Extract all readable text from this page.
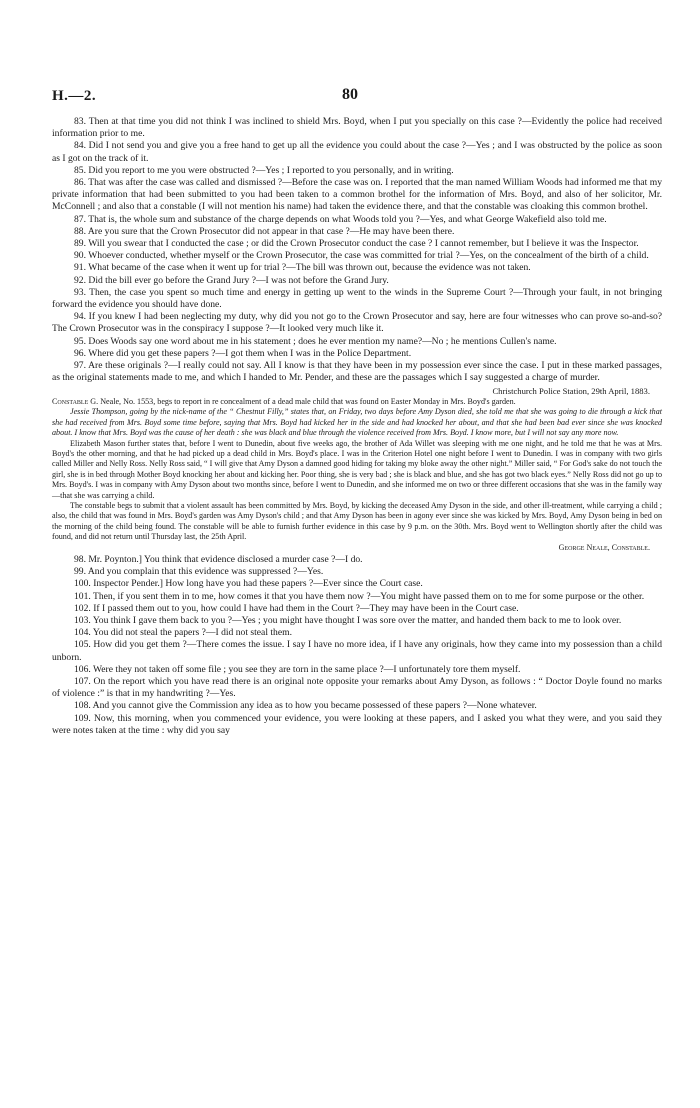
H.—2.	80

83. Then at that time you did not think I was inclined to shield Mrs. Boyd, when I put you specially on this case ?—Evidently the police had received information prior to me.

84. Did I not send you and give you a free hand to get up all the evidence you could about the case ?—Yes ; and I was obstructed by the police as soon as I got on the track of it.

85. Did you report to me you were obstructed ?—Yes ; I reported to you personally, and in writing.

86. That was after the case was called and dismissed ?—Before the case was on. I reported that the man named William Woods had informed me that my private information that had been submitted to you had been taken to a common brothel for the information of Mrs. Boyd, and also of her solicitor, Mr. McConnell ; and also that a constable (I will not mention his name) had taken the evidence there, and that the constable was cloaking this common brothel.

87. That is, the whole sum and substance of the charge depends on what Woods told you ?—Yes, and what George Wakefield also told me.

88. Are you sure that the Crown Prosecutor did not appear in that case ?—He may have been there.

89. Will you swear that I conducted the case ; or did the Crown Prosecutor conduct the case ? I cannot remember, but I believe it was the Inspector.

90. Whoever conducted, whether myself or the Crown Prosecutor, the case was committed for trial ?—Yes, on the concealment of the birth of a child.

91. What became of the case when it went up for trial ?—The bill was thrown out, because the evidence was not taken.

92. Did the bill ever go before the Grand Jury ?—I was not before the Grand Jury.

93. Then, the case you spent so much time and energy in getting up went to the winds in the Supreme Court ?—Through your fault, in not bringing forward the evidence you should have done.

94. If you knew I had been neglecting my duty, why did you not go to the Crown Prosecutor and say, here are four witnesses who can prove so-and-so? The Crown Prosecutor was in the conspiracy I suppose ?—It looked very much like it.

95. Does Woods say one word about me in his statement ; does he ever mention my name?—No ; he mentions Cullen's name.

96. Where did you get these papers ?—I got them when I was in the Police Department.

97. Are these originals ?—I really could not say. All I know is that they have been in my possession ever since the case. I put in these marked passages, as the original statements made to me, and which I handed to Mr. Pender, and these are the passages which I say suggested a charge of murder.

Christchurch Police Station, 29th April, 1883.

Constable G. Neale, No. 1553, begs to report in re concealment of a dead male child that was found on Easter Monday in Mrs. Boyd's garden.

Jessie Thompson, going by the nick-name of the “ Chestnut Filly,” states that, on Friday, two days before Amy Dyson died, she told me that she was going to die through a kick that she had received from Mrs. Boyd some time before, saying that Mrs. Boyd had kicked her in the side and had knocked her about, and that she had been bad ever since she was knocked about. I know that Mrs. Boyd was the cause of her death : she was black and blue through the violence received from Mrs. Boyd. I know more, but I will not say any more now.

Elizabeth Mason further states that, before I went to Dunedin, about five weeks ago, the brother of Ada Willet was sleeping with me one night, and he told me that he was at Mrs. Boyd's the other morning, and that he had picked up a dead child in Mrs. Boyd's place. I was in the Criterion Hotel one night before I went to Dunedin. I was in company with two girls called Miller and Nelly Ross. Nelly Ross said, “ I will give that Amy Dyson a damned good hiding for taking my bloke away the other night.” Miller said, “ For God's sake do not touch the girl, she is in bed through Mother Boyd knocking her about and kicking her. Poor thing, she is very bad ; she is black and blue, and she has got two black eyes.” Nelly Ross did not go up to Mrs. Boyd's. I was in company with Amy Dyson about two months since, before I went to Dunedin, and she informed me on two or three different occasions that she was in the family way—that she was carrying a child.

The constable begs to submit that a violent assault has been committed by Mrs. Boyd, by kicking the deceased Amy Dyson in the side, and other ill-treatment, while carrying a child ; also, the child that was found in Mrs. Boyd's garden was Amy Dyson's child ; and that Amy Dyson has been in agony ever since she was kicked by Mrs. Boyd, Amy Dyson being in bed on the morning of the child being found. The constable will be able to furnish further evidence in this case by 9 p.m. on the 30th. Mrs. Boyd went to Wellington shortly after the child was found, and did not return until Thursday last, the 25th April.

George Neale, Constable.

98. Mr. Poynton.] You think that evidence disclosed a murder case ?—I do.

99. And you complain that this evidence was suppressed ?—Yes.

100. Inspector Pender.] How long have you had these papers ?—Ever since the Court case.

101. Then, if you sent them in to me, how comes it that you have them now ?—You might have passed them on to me for some purpose or the other.

102. If I passed them out to you, how could I have had them in the Court ?—They may have been in the Court case.

103. You think I gave them back to you ?—Yes ; you might have thought I was sore over the matter, and handed them back to me to look over.

104. You did not steal the papers ?—I did not steal them.

105. How did you get them ?—There comes the issue. I say I have no more idea, if I have any originals, how they came into my possession than a child unborn.

106. Were they not taken off some file ; you see they are torn in the same place ?—I unfortunately tore them myself.

107. On the report which you have read there is an original note opposite your remarks about Amy Dyson, as follows : “ Doctor Doyle found no marks of violence :” is that in my handwriting ?—Yes.

108. And you cannot give the Commission any idea as to how you became possessed of these papers ?—None whatever.

109. Now, this morning, when you commenced your evidence, you were looking at these papers, and I asked you what they were, and you said they were notes taken at the time : why did you say
